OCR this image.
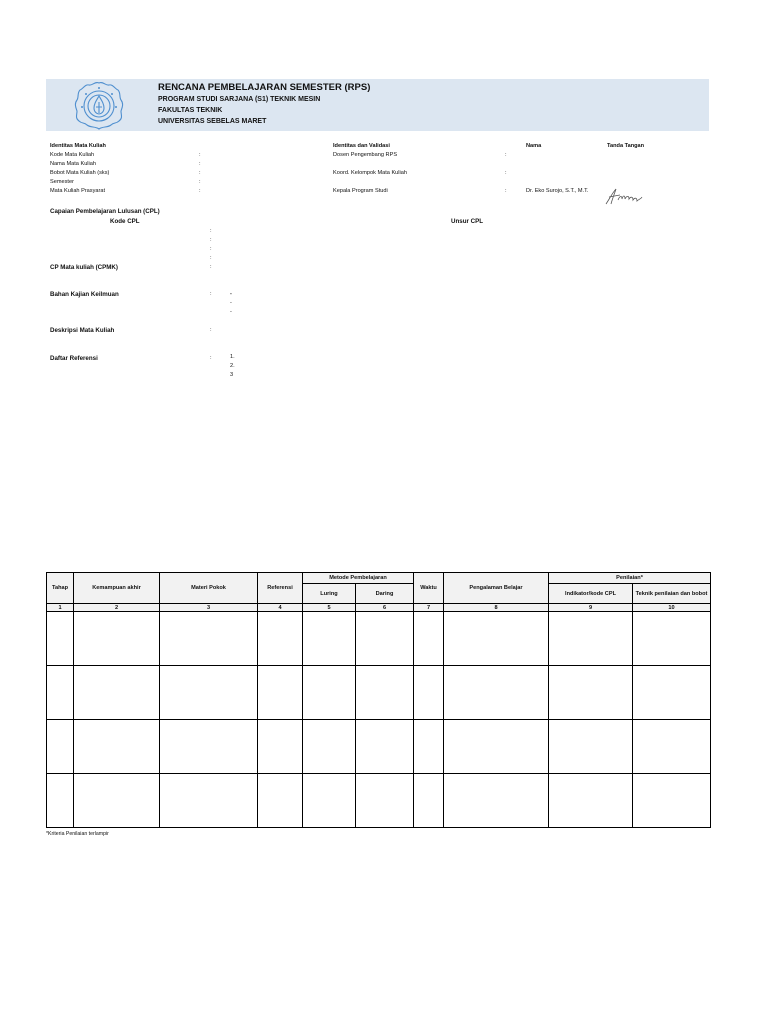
RENCANA PEMBELAJARAN SEMESTER (RPS)
PROGRAM STUDI SARJANA (S1) TEKNIK MESIN
FAKULTAS TEKNIK
UNIVERSITAS SEBELAS MARET
Identitas Mata Kuliah
Kode Mata Kuliah	:
Nama Mata Kuliah	:
Bobot Mata Kuliah (sks)	:
Semester	:
Mata Kuliah Prasyarat	:
Identitas dan Validasi	Nama	Tanda Tangan
Dosen Pengembang RPS	:
Koord. Kelompok Mata Kuliah	:
Kepala Program Studi	:	Dr. Eko Surojo, S.T., M.T.
Capaian Pembelajaran Lulusan (CPL)
Kode CPL	Unsur CPL
:
:
:
:
CP Mata kuliah (CPMK)	:
Bahan Kajian Keilmuan	:	-
-
-
Deskripsi Mata Kuliah	:
Daftar Referensi	:	1.
2.
3
Tahap	Kemampuan akhir	Materi Pokok	Referensi	Metode Pembelajaran		Waktu	Pengalaman Belajar	Penilaian*	
				Luring	Daring			Indikator/kode CPL	Teknik penilaian dan bobot
1	2	3	4	5	6	7	8	9	10

*Kriteria Penilaian terlampir
